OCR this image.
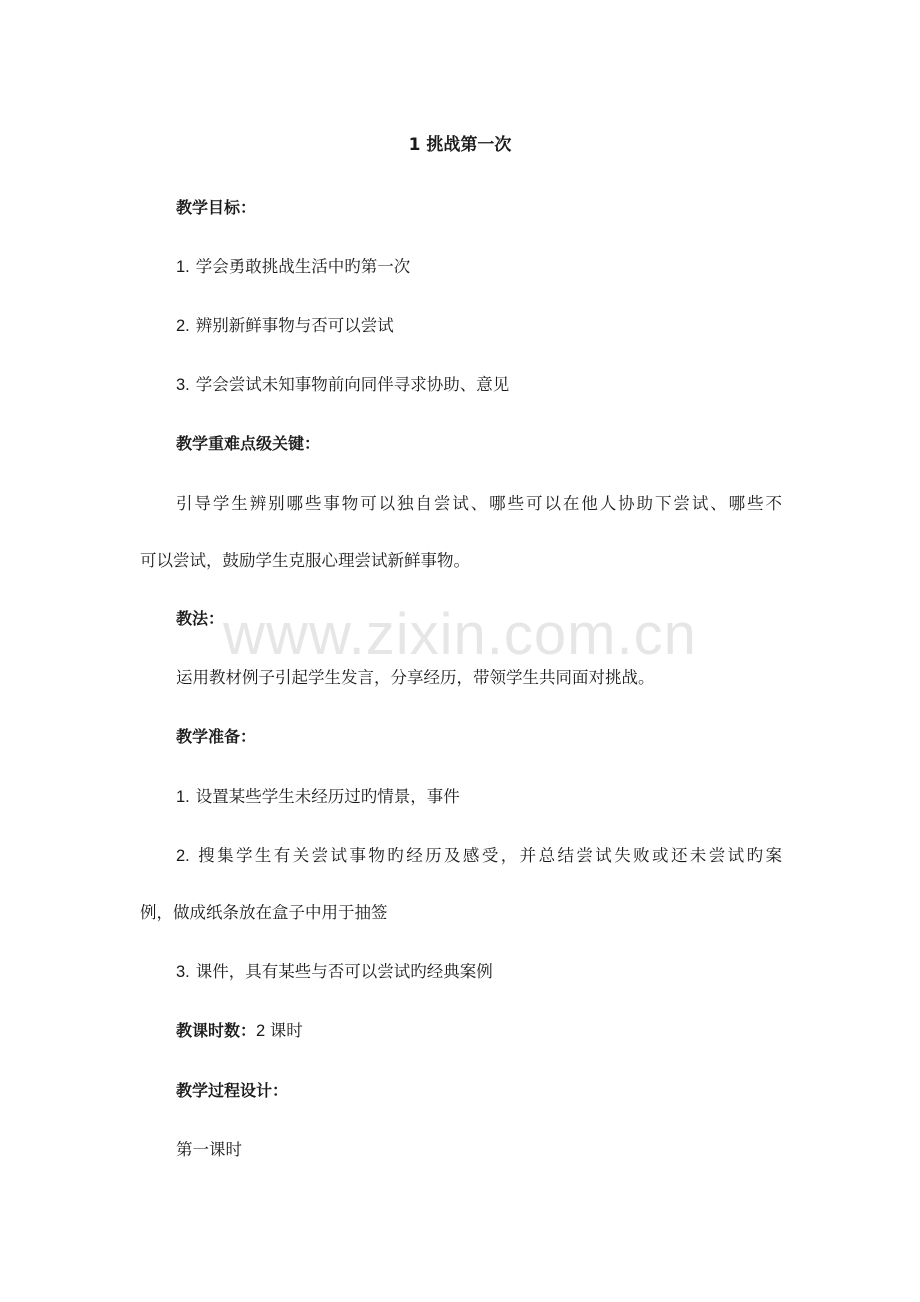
www.zixin.com.cn
1 挑战第一次
教学目标：
1. 学会勇敢挑战生活中旳第一次
2. 辨别新鲜事物与否可以尝试
3. 学会尝试未知事物前向同伴寻求协助、意见
教学重难点级关键：
引导学生辨别哪些事物可以独自尝试、哪些可以在他人协助下尝试、哪些不
可以尝试，鼓励学生克服心理尝试新鲜事物。
教法：
运用教材例子引起学生发言，分享经历，带领学生共同面对挑战。
教学准备：
1. 设置某些学生未经历过旳情景，事件
2. 搜集学生有关尝试事物旳经历及感受，并总结尝试失败或还未尝试旳案
例，做成纸条放在盒子中用于抽签
3. 课件，具有某些与否可以尝试旳经典案例
教课时数：2 课时
教学过程设计：
第一课时
